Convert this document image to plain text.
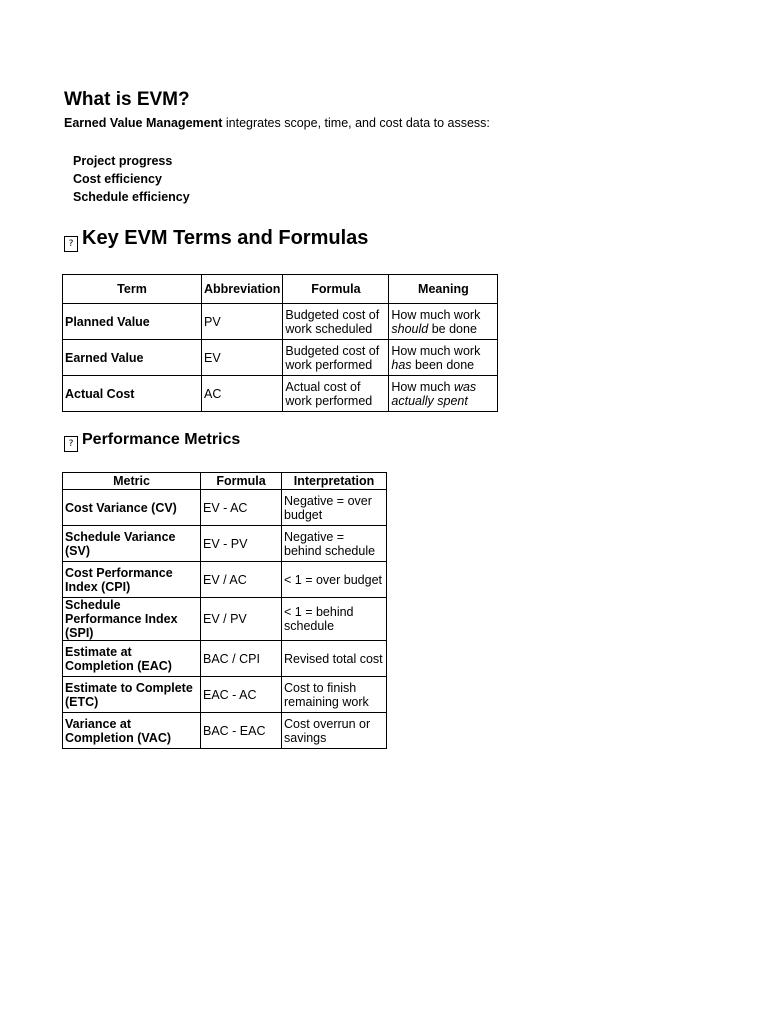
What is EVM?
Earned Value Management integrates scope, time, and cost data to assess:
Project progress
Cost efficiency
Schedule efficiency
? Key EVM Terms and Formulas
Term	Abbreviation	Formula	Meaning
Planned Value	PV	Budgeted cost of work scheduled	How much work should be done
Earned Value	EV	Budgeted cost of work performed	How much work has been done
Actual Cost	AC	Actual cost of work performed	How much was actually spent
? Performance Metrics
Metric	Formula	Interpretation
Cost Variance (CV)	EV - AC	Negative = over budget
Schedule Variance (SV)	EV - PV	Negative = behind schedule
Cost Performance Index (CPI)	EV / AC	< 1 = over budget
Schedule Performance Index (SPI)	EV / PV	< 1 = behind schedule
Estimate at Completion (EAC)	BAC / CPI	Revised total cost
Estimate to Complete (ETC)	EAC - AC	Cost to finish remaining work
Variance at Completion (VAC)	BAC - EAC	Cost overrun or savings
